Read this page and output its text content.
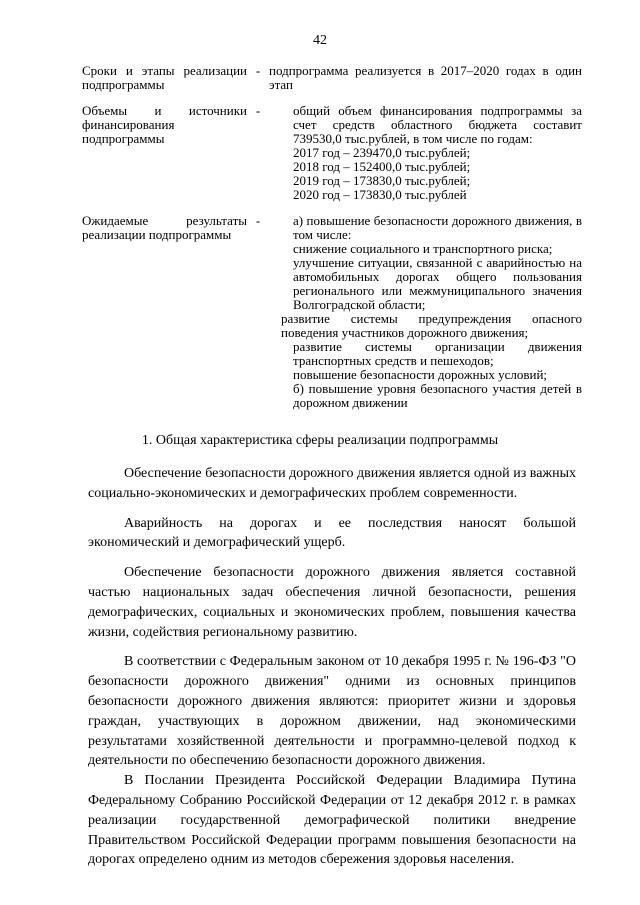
42
Сроки и этапы реализации подпрограммы
- подпрограмма реализуется в 2017–2020 годах в один этап
Объемы и источники финансирования подпрограммы
-	общий объем финансирования подпрограммы за счет средств областного бюджета составит 739530,0 тыс.рублей, в том числе по годам:
2017 год – 239470,0 тыс.рублей;
2018 год – 152400,0 тыс.рублей;
2019 год – 173830,0 тыс.рублей;
2020 год – 173830,0 тыс.рублей
Ожидаемые результаты реализации подпрограммы
-	а) повышение безопасности дорожного движения, в том числе:
снижение социального и транспортного риска;
улучшение ситуации, связанной с аварийностью на автомобильных дорогах общего пользования регионального или межмуниципального значения Волгоградской области;
развитие системы предупреждения опасного поведения участников дорожного движения;
развитие системы организации движения транспортных средств и пешеходов;
повышение безопасности дорожных условий;
б) повышение уровня безопасного участия детей в дорожном движении
1. Общая характеристика сферы реализации подпрограммы

Обеспечение безопасности дорожного движения является одной из важных социально-экономических и демографических проблем современности.

Аварийность на дорогах и ее последствия наносят большой экономический и демографический ущерб.

Обеспечение безопасности дорожного движения является составной частью национальных задач обеспечения личной безопасности, решения демографических, социальных и экономических проблем, повышения качества жизни, содействия региональному развитию.

В соответствии с Федеральным законом от 10 декабря 1995 г. № 196-ФЗ "О безопасности дорожного движения" одними из основных принципов безопасности дорожного движения являются: приоритет жизни и здоровья граждан, участвующих в дорожном движении, над экономическими результатами хозяйственной деятельности и программно-целевой подход к деятельности по обеспечению безопасности дорожного движения.

В Послании Президента Российской Федерации Владимира Путина Федеральному Собранию Российской Федерации от 12 декабря 2012 г. в рамках реализации государственной демографической политики внедрение Правительством Российской Федерации программ повышения безопасности на дорогах определено одним из методов сбережения здоровья населения.
